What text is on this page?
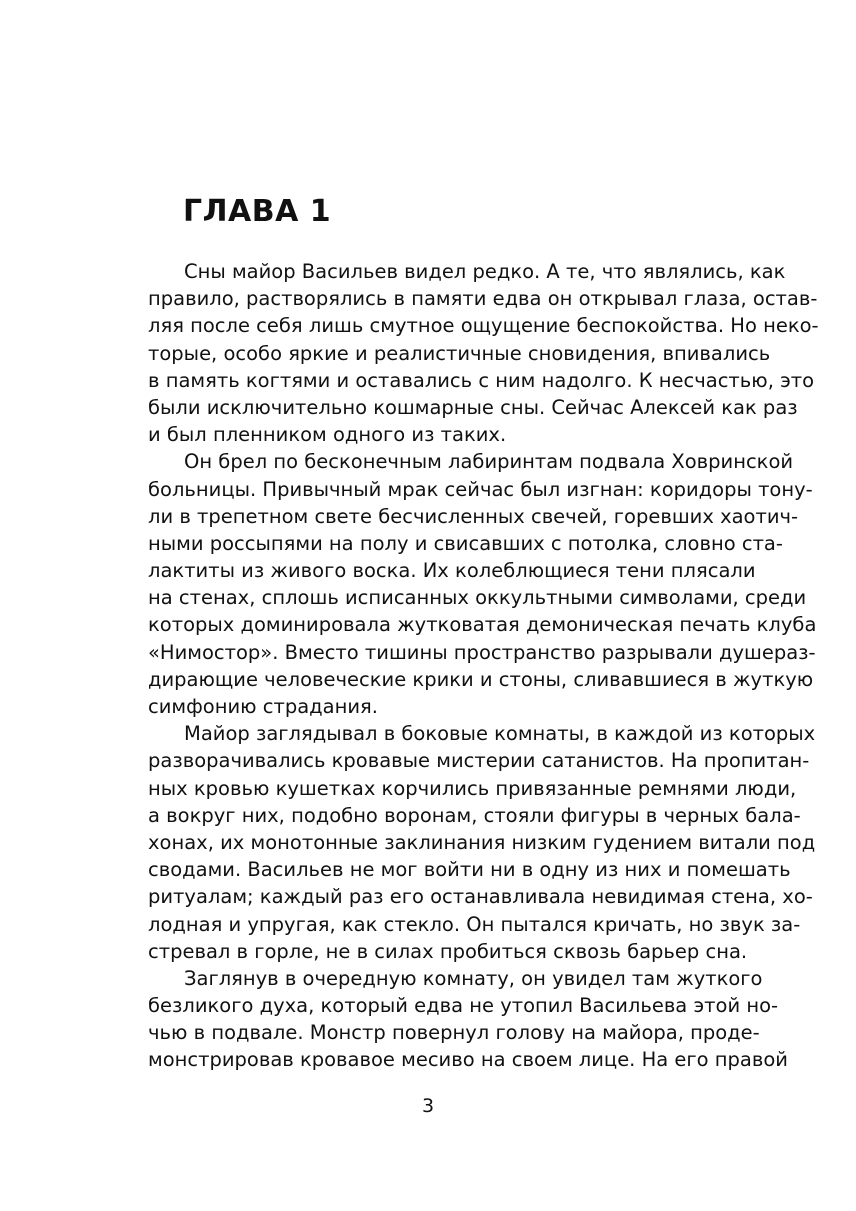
ГЛАВА 1
Сны майор Васильев видел редко. А те, что являлись, как
правило, растворялись в памяти едва он открывал глаза, остав-
ляя после себя лишь смутное ощущение беспокойства. Но неко-
торые, особо яркие и реалистичные сновидения, впивались
в память когтями и оставались с ним надолго. К несчастью, это
были исключительно кошмарные сны. Сейчас Алексей как раз
и был пленником одного из таких.
Он брел по бесконечным лабиринтам подвала Ховринской
больницы. Привычный мрак сейчас был изгнан: коридоры тону-
ли в трепетном свете бесчисленных свечей, горевших хаотич-
ными россыпями на полу и свисавших с потолка, словно ста-
лактиты из живого воска. Их колеблющиеся тени плясали
на стенах, сплошь исписанных оккультными символами, среди
которых доминировала жутковатая демоническая печать клуба
«Нимостор». Вместо тишины пространство разрывали душераз-
дирающие человеческие крики и стоны, сливавшиеся в жуткую
симфонию страдания.
Майор заглядывал в боковые комнаты, в каждой из которых
разворачивались кровавые мистерии сатанистов. На пропитан-
ных кровью кушетках корчились привязанные ремнями люди,
а вокруг них, подобно воронам, стояли фигуры в черных бала-
хонах, их монотонные заклинания низким гудением витали под
сводами. Васильев не мог войти ни в одну из них и помешать
ритуалам; каждый раз его останавливала невидимая стена, хо-
лодная и упругая, как стекло. Он пытался кричать, но звук за-
стревал в горле, не в силах пробиться сквозь барьер сна.
Заглянув в очередную комнату, он увидел там жуткого
безликого духа, который едва не утопил Васильева этой но-
чью в подвале. Монстр повернул голову на майора, проде-
монстрировав кровавое месиво на своем лице. На его правой
3
